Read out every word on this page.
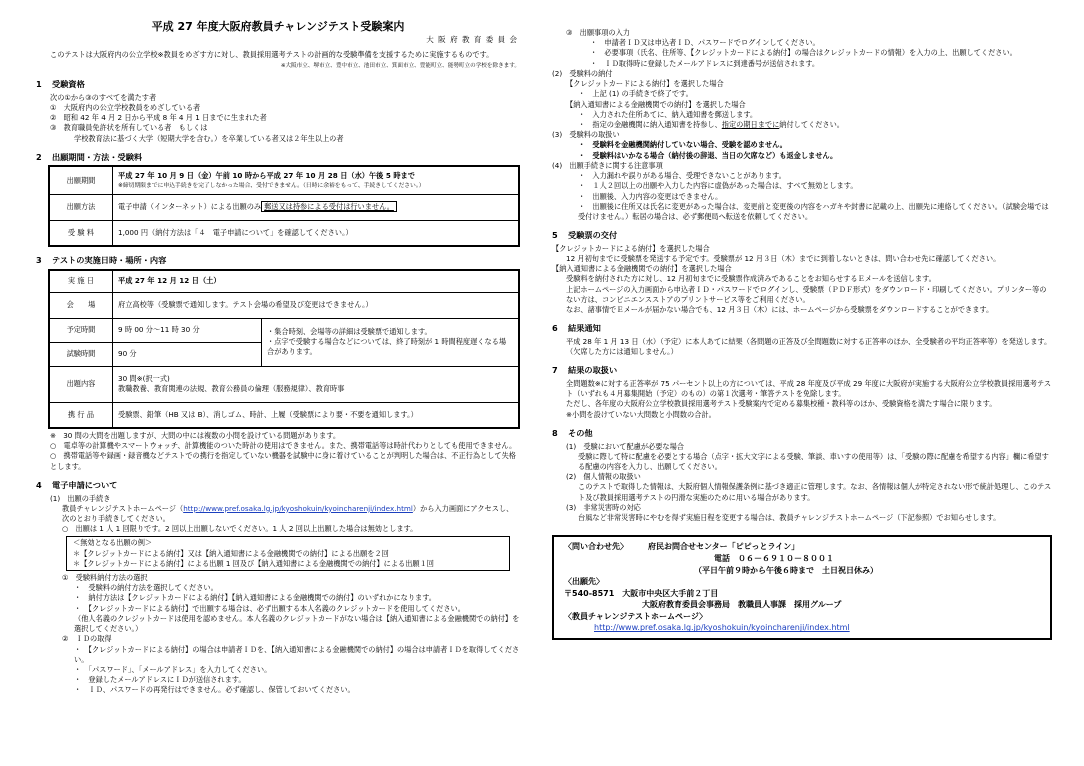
平成 27 年度大阪府教員チャレンジテスト受験案内
大 阪 府 教 育 委 員 会

このテストは大阪府内の公立学校※教員をめざす方に対し、教員採用選考テストの計画的な受験準備を支援するために実施するものです。

※大阪市立、堺市立、豊中市立、池田市立、箕面市立、豊能町立、能勢町立の学校を除きます。

1 受験資格

次の①から③のすべてを満たす者

①　大阪府内の公立学校教員をめざしている者

②　昭和 42 年 4 月 2 日から平成 8 年 4 月 1 日までに生まれた者

③　教育職員免許状を所有している者　もしくは

学校教育法に基づく大学（短期大学を含む。）を卒業している者又は２年生以上の者

2 出願期間・方法・受験料
出願期間	平成 27 年 10 月 9 日（金）午前 10 時から平成 27 年 10 月 28 日（水）午後 5 時まで
※締切期限までに申込手続きを完了しなかった場合、受付できません。（日時に余裕をもって、手続きしてください。）

出願方法	電子申請（インターネット）による出願のみ 郵送又は持参による受付は行いません。
受 験 料	1,000 円（納付方法は「４　電子申請について」を確認してください。）
3 テストの実施日時・場所・内容
実 施 日	平成 27 年 12 月 12 日（土）	
会　　場	府立高校等（受験票で通知します。テスト会場の希望及び変更はできません。）	
予定時間	9 時 00 分～11 時 30 分	・集合時刻、会場等の詳細は受験票で通知します。
・点字で受験する場合などについては、終了時刻が 1 時間程度遅くなる場合があります。

試験時間	90 分	
出題内容	30 問※(択一式)
教職教養、教育関連の法規、教育公務員の倫理（服務規律）、教育時事	

携 行 品	受験票、鉛筆（HB 又は B）、消しゴム、時計、上履（受験票により要・不要を通知します。）	

※　30 問の大問を出題しますが、大問の中には複数の小問を設けている問題があります。

○　電卓等の計算機やスマートウォッチ、計算機能のついた時計の使用はできません。また、携帯電話等は時計代わりとしても使用できません。

○　携帯電話等や録画・録音機などテストでの携行を指定していない機器を試験中に身に着けていることが判明した場合は、不正行為として失格とします。

4 電子申請について

(1)　出願の手続き

教員チャレンジテストホームページ（http://www.pref.osaka.lg.jp/kyoshokuin/kyoincharenji/index.html）から入力画面にアクセスし、次のとおり手続きしてください。

○　出願は 1 人 1 回限りです。2 回以上出願しないでください。1 人 2 回以上出願した場合は無効とします。

＜無効となる出願の例＞
＊【クレジットカードによる納付】又は【納入通知書による金融機関での納付】による出願を２回
＊【クレジットカードによる納付】による出願 1 回及び【納入通知書による金融機関での納付】による出願１回

①　受験料納付方法の選択

・　受験料の納付方法を選択してください。

・　納付方法は【クレジットカードによる納付】【納入通知書による金融機関での納付】のいずれかになります。

・　【クレジットカードによる納付】で出願する場合は、必ず出願する本人名義のクレジットカードを使用してください。

（他人名義のクレジットカードは使用を認めません。本人名義のクレジットカードがない場合は【納入通知書による金融機関での納付】を選択してください。）

②　ＩＤの取得

・　【クレジットカードによる納付】の場合は申請者ＩＤを、【納入通知書による金融機関での納付】の場合は申請者ＩＤを取得してください。

・　「パスワード」、「メールアドレス」を入力してください。

・　登録したメールアドレスにＩＤが送信されます。

・　ＩＤ、パスワードの再発行はできません。必ず確認し、保管しておいてください。

③　出願事項の入力

・　申請者ＩＤ又は申込者ＩＤ、パスワードでログインしてください。

・　必要事項（氏名、住所等、【クレジットカードによる納付】の場合はクレジットカードの情報）を入力の上、出願してください。

・　ＩＤ取得時に登録したメールアドレスに到達番号が送信されます。

(2)　受験料の納付

【クレジットカードによる納付】を選択した場合

・　上記 (1) の手続きで終了です。

【納入通知書による金融機関での納付】を選択した場合

・　入力された住所あてに、納入通知書を郵送します。

・　指定の金融機関に納入通知書を持参し、指定の期日までに納付してください。

(3)　受験料の取扱い

・　受験料を金融機関納付していない場合、受験を認めません。

・　受験料はいかなる場合（納付後の辞退、当日の欠席など）も返金しません。

(4)　出願手続きに関する注意事項

・　入力漏れや誤りがある場合、受理できないことがあります。

・　１人２回以上の出願や入力した内容に虚偽があった場合は、すべて無効とします。

・　出願後、入力内容の変更はできません。

・　出願後に住所又は氏名に変更があった場合は、変更前と変更後の内容をハガキや封書に記載の上、出願先に連絡してください。（試験会場では受付けません。）転居の場合は、必ず郵便局へ転送を依頼してください。

5 受験票の交付

【クレジットカードによる納付】を選択した場合

12 月初旬までに受験票を発送する予定です。受験票が 12 月３日（木）までに到着しないときは、問い合わせ先に確認してください。

【納入通知書による金融機関での納付】を選択した場合

受験料を納付された方に対し、12 月初旬までに受験票作成済みであることをお知らせするＥメールを送信します。

上記ホームページの入力画面から申込者ＩＤ・パスワードでログインし、受験票（ＰＤＦ形式）をダウンロード・印刷してください。プリンター等のない方は、コンビニエンスストアのプリントサービス等をご利用ください。

なお、諸事情でＥメールが届かない場合でも、12 月３日（木）には、ホームページから受験票をダウンロードすることができます。

6 結果通知

平成 28 年 1 月 13 日（水）（予定）に本人あてに結果（各問題の正答及び全問題数に対する正答率のほか、全受験者の平均正答率等）を発送します。（欠席した方には通知しません。）

7 結果の取扱い

全問題数※に対する正答率が 75 パーセント以上の方については、平成 28 年度及び平成 29 年度に大阪府が実施する大阪府公立学校教員採用選考テスト（いずれも４月募集開始（予定）のもの）の第１次選考・筆答テストを免除します。

ただし、各年度の大阪府公立学校教員採用選考テスト受験案内で定める募集校種・教科等のほか、受験資格を満たす場合に限ります。

※小問を設けていない大問数と小問数の合計。

8 その他

(1)　受験において配慮が必要な場合

受験に際して特に配慮を必要とする場合（点字・拡大文字による受験、筆談、車いすの使用等）は、「受験の際に配慮を希望する内容」欄に希望する配慮の内容を入力し、出願してください。

(2)　個人情報の取扱い

このテストで取得した情報は、大阪府個人情報保護条例に基づき適正に管理します。なお、各情報は個人が特定されない形で統計処理し、このテスト及び教員採用選考テストの円滑な実施のために用いる場合があります。

(3)　非常災害時の対応

台風など非常災害時にやむを得ず実施日程を変更する場合は、教員チャレンジテストホームページ（下記参照）でお知らせします。

〈問い合わせ先〉　　　	府民お問合せセンター「ピピっとライン」
電話　０６－６９１０－８００１
（平日午前９時から午後６時まで　土日祝日休み）
〈出願先〉
〒540-8571　大阪市中央区大手前２丁目
大阪府教育委員会事務局　教職員人事課　採用グループ
〈教員チャレンジテストホームページ〉
http://www.pref.osaka.lg.jp/kyoshokuin/kyoincharenji/index.html
